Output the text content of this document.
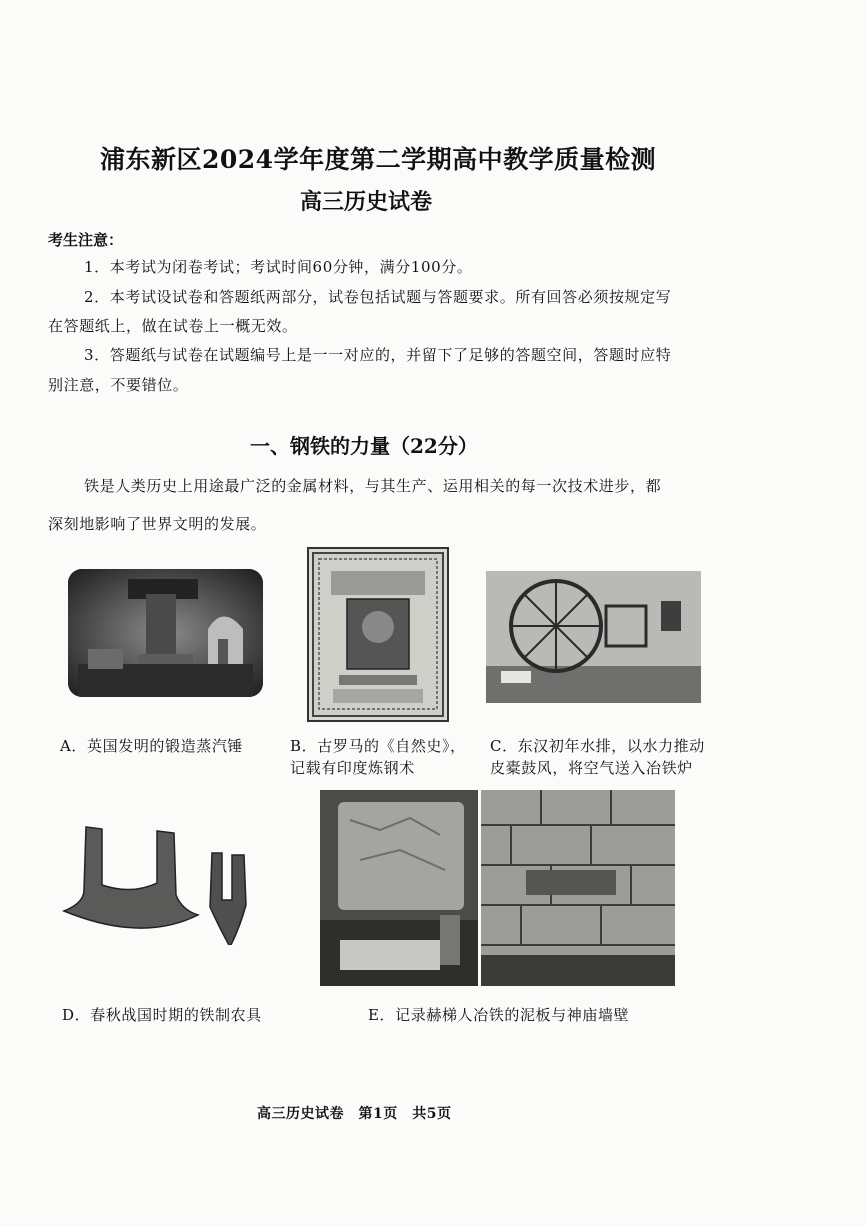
浦东新区2024学年度第二学期高中教学质量检测
高三历史试卷
考生注意：
1．本考试为闭卷考试；考试时间60分钟，满分100分。
2．本考试设试卷和答题纸两部分，试卷包括试题与答题要求。所有回答必须按规定写
在答题纸上，做在试卷上一概无效。
3．答题纸与试卷在试题编号上是一一对应的，并留下了足够的答题空间，答题时应特
别注意，不要错位。
一、钢铁的力量（22分）
铁是人类历史上用途最广泛的金属材料，与其生产、运用相关的每一次技术进步，都
深刻地影响了世界文明的发展。
A．英国发明的锻造蒸汽锤	B．古罗马的《自然史》，
记载有印度炼钢术
C．东汉初年水排，以水力推动
皮橐鼓风，将空气送入冶铁炉
D．春秋战国时期的铁制农具	E．记录赫梯人冶铁的泥板与神庙墙壁
高三历史试卷　第1页　共5页
